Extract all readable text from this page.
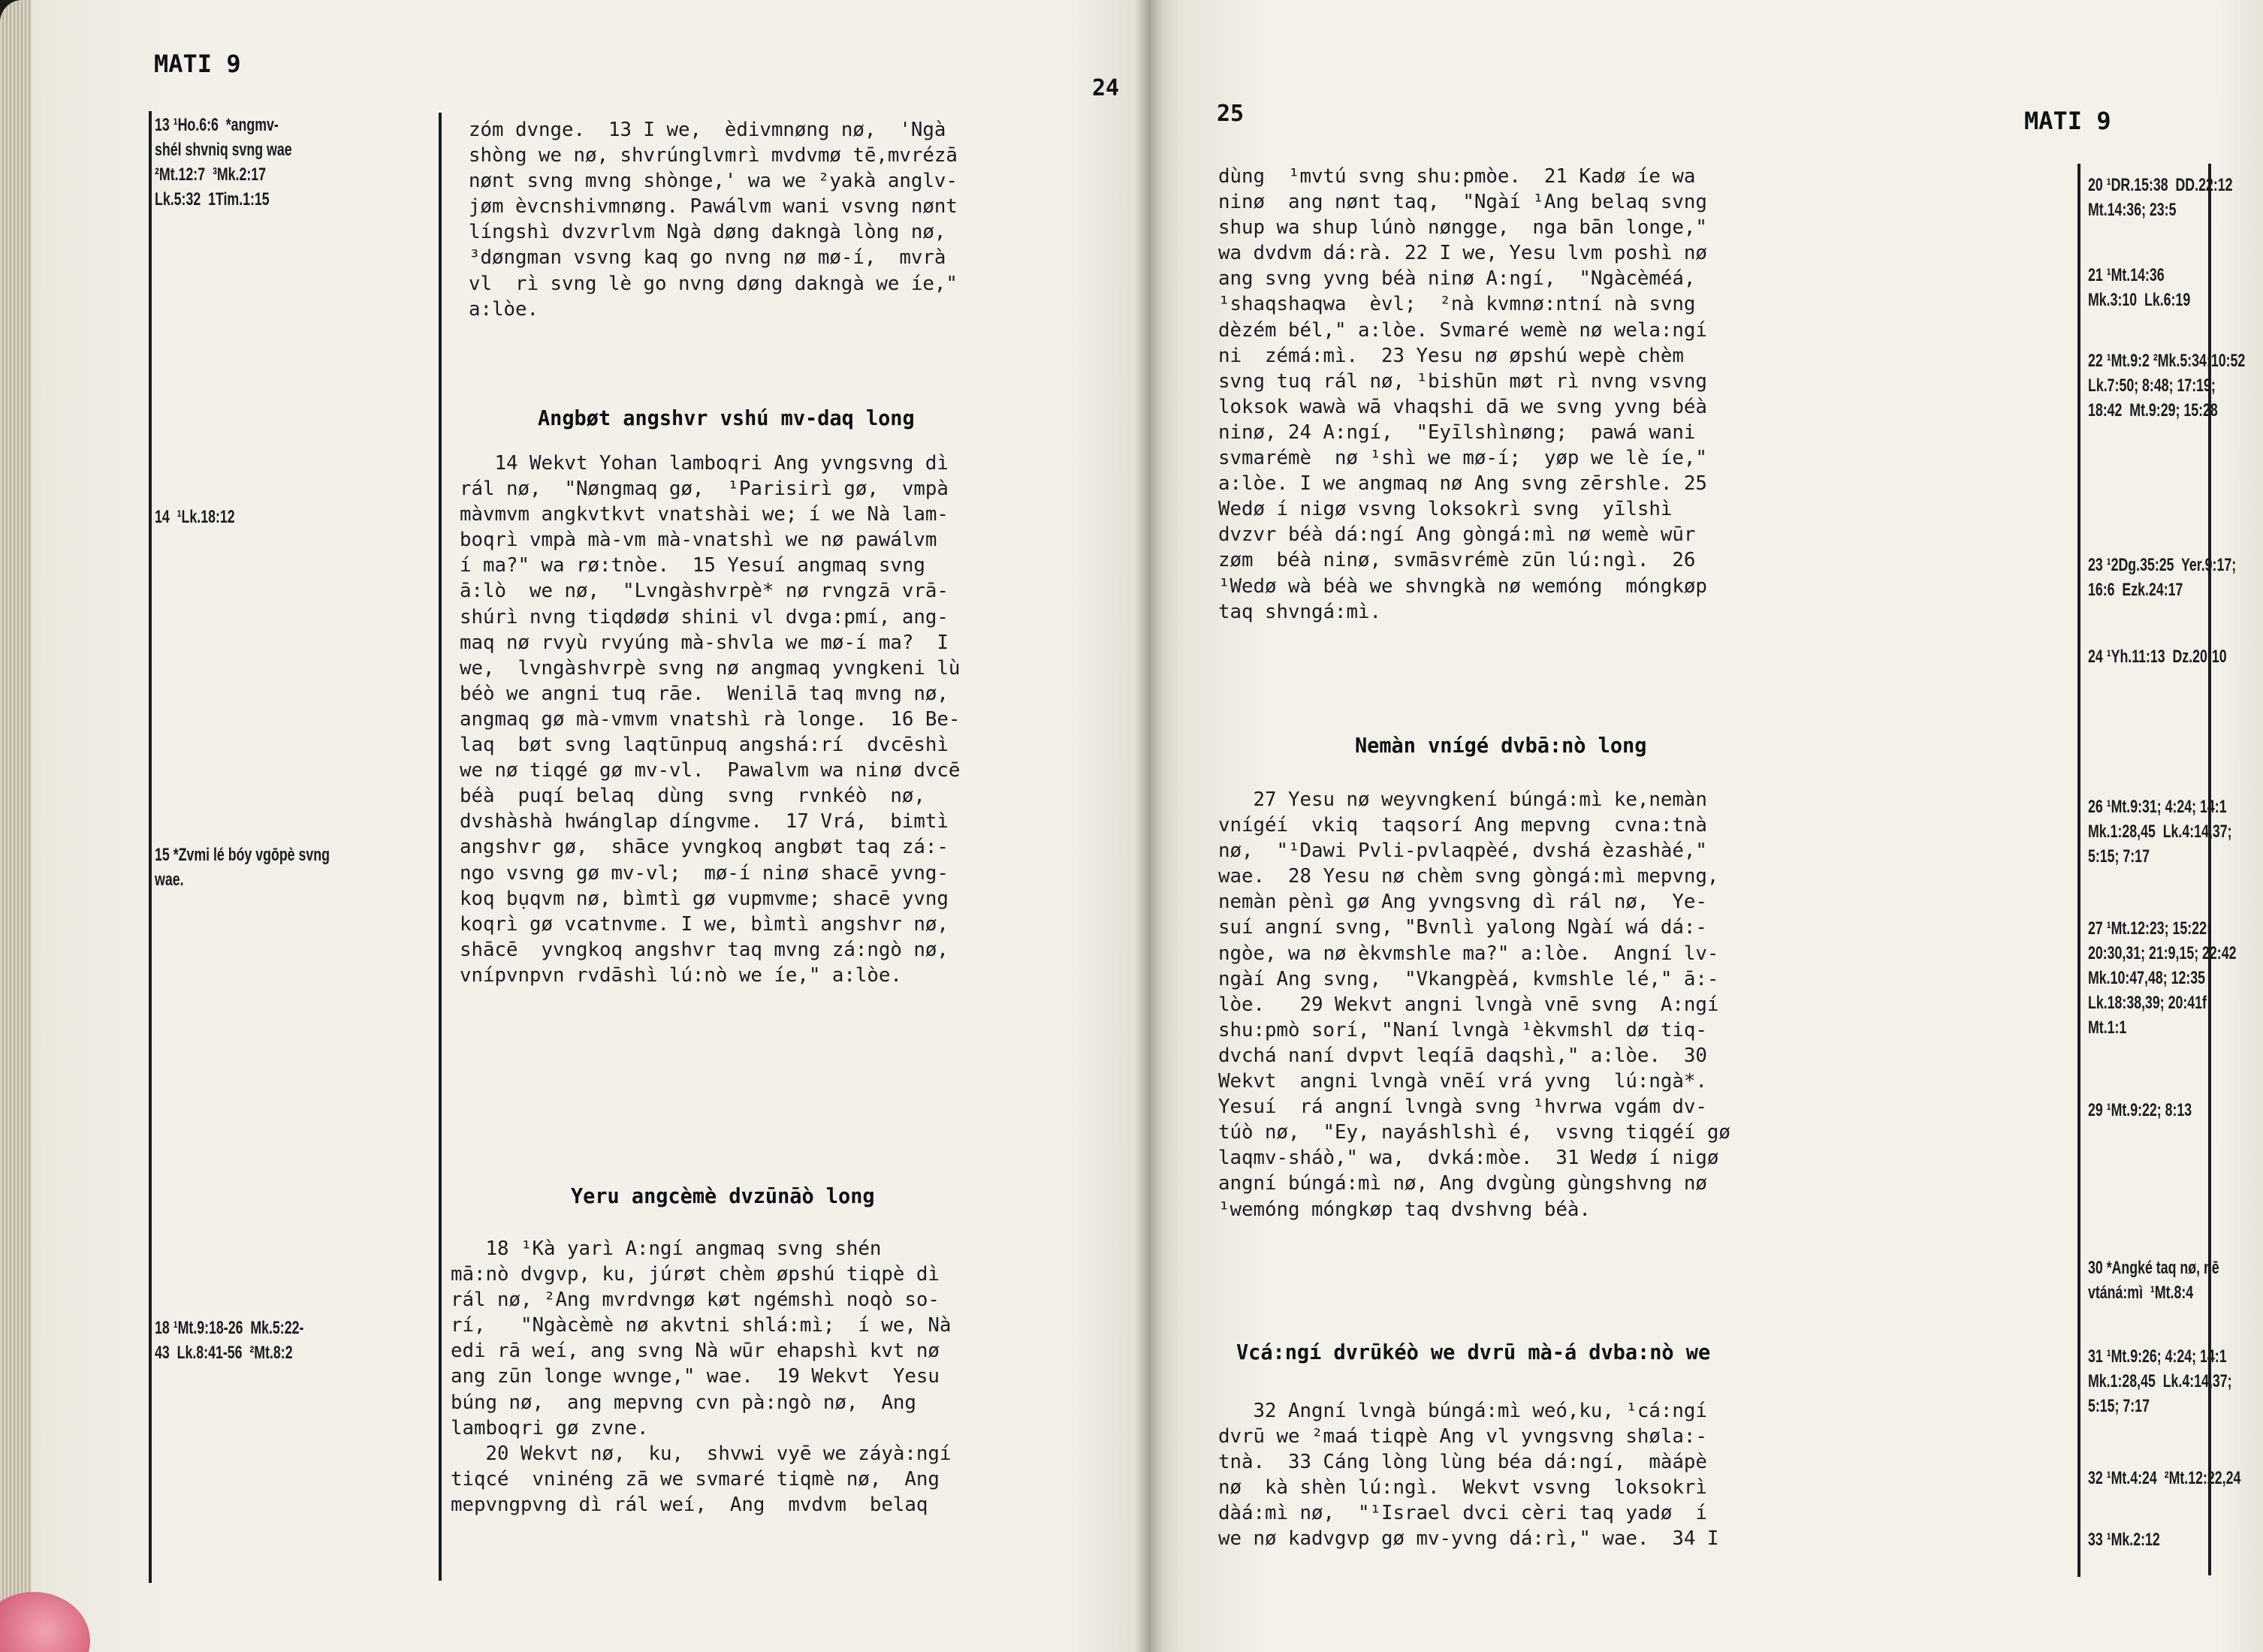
MATI 9
24
13 ¹Ho.6:6  *angmv-
shél shvniq svng wae
²Mt.12:7  ³Mk.2:17
Lk.5:32  1Tim.1:15
14  ¹Lk.18:12
15 *Zvmi lé bóy vgōpè svng
wae.
18 ¹Mt.9:18-26  Mk.5:22-
43  Lk.8:41-56  ²Mt.8:2
zóm dvnge.  13 I we,  èdivmnøng nø,  'Ngà
shòng we nø, shvrúnglvmrì mvdvmø tē,mvrézā
nønt svng mvng shònge,' wa we ²yakà anglv-
jøm èvcnshivmnøng. Pawálvm wani vsvng nønt
língshì dvzvrlvm Ngà døng dakngà lòng nø,
³døngman vsvng kaq go nvng nø mø-í,  mvrà
vl  rì svng lè go nvng døng dakngà we íe,"
a:lòe.
Angbøt angshvr vshú mv-daq long
14 Wekvt Yohan lamboqri Ang yvngsvng dì
rál nø,  "Nøngmaq gø,  ¹Parisirì gø,  vmpà
màvmvm angkvtkvt vnatshài we; í we Nà lam-
boqrì vmpà mà-vm mà-vnatshì we nø pawálvm
í ma?" wa rø:tnòe.  15 Yesuí angmaq svng
ā:lò  we nø,  "Lvngàshvrpè* nø rvngzā vrā-
shúrì nvng tiqdødø shini vl dvga:pmí, ang-
maq nø rvyù rvyúng mà-shvla we mø-í ma?  I
we,  lvngàshvrpè svng nø angmaq yvngkeni lù
béò we angni tuq rāe.  Wenilā taq mvng nø,
angmaq gø mà-vmvm vnatshì rà longe.  16 Be-
laq  bøt svng laqtūnpuq angshá:rí  dvcēshì
we nø tiqgé gø mv-vl.  Pawalvm wa ninø dvcē
béà  puqí belaq  dùng  svng  rvnkéò  nø,
dvshàshà hwánglap díngvme.  17 Vrá,  bimtì
angshvr gø,  shāce yvngkoq angbøt taq zá:-
ngo vsvng gø mv-vl;  mø-í ninø shacē yvng-
koq bụqvm nø, bìmtì gø vupmvme; shacē yvng
koqrì gø vcatnvme. I we, bìmtì angshvr nø,
shācē  yvngkoq angshvr taq mvng zá:ngò nø,
vnípvnpvn rvdāshì lú:nò we íe," a:lòe.
Yeru angcèmè dvzūnāò long
18 ¹Kà yarì A:ngí angmaq svng shén
mā:nò dvgvp, ku, júrøt chèm øpshú tiqpè dì
rál nø, ²Ang mvrdvngø køt ngémshì noqò so-
rí,   "Ngàcèmè nø akvtni shlá:mì;  í we, Nà
edi rā weí, ang svng Nà wūr ehapshì kvt nø
ang zūn longe wvnge," wae.  19 Wekvt  Yesu
búng nø,  ang mepvng cvn pà:ngò nø,  Ang
lamboqri gø zvne.
20 Wekvt nø,  ku,  shvwi vyē we záyà:ngí
tiqcé  vninéng zā we svmaré tiqmè nø,  Ang
mepvngpvng dì rál weí,  Ang  mvdvm  belaq
25	MATI 9
dùng  ¹mvtú svng shu:pmòe.  21 Kadø íe wa
ninø  ang nønt taq,  "Ngàí ¹Ang belaq svng
shup wa shup lúnò nøngge,  nga bān longe,"
wa dvdvm dá:rà. 22 I we, Yesu lvm poshì nø
ang svng yvng béà ninø A:ngí,  "Ngàcèméá,
¹shaqshaqwa  èvl;  ²nà kvmnø:ntní nà svng
dèzém bél," a:lòe. Svmaré wemè nø wela:ngí
ni  zémá:mì.  23 Yesu nø øpshú wepè chèm
svng tuq rál nø, ¹bishūn møt rì nvng vsvng
loksok wawà wā vhaqshi dā we svng yvng béà
ninø, 24 A:ngí,  "Eyīlshìnøng;  pawá wani
svmarémè  nø ¹shì we mø-í;  yøp we lè íe,"
a:lòe. I we angmaq nø Ang svng zērshle. 25
Wedø í nigø vsvng loksokrì svng  yīlshì
dvzvr béà dá:ngí Ang gòngá:mì nø wemè wūr
zøm  béà ninø, svmāsvrémè zūn lú:ngì.  26
¹Wedø wà béà we shvngkà nø wemóng  móngkøp
taq shvngá:mì.
Nemàn vnígé dvbā:nò long
27 Yesu nø weyvngkení búngá:mì ke,nemàn
vnígéí  vkiq  taqsorí Ang mepvng  cvna:tnà
nø,  "¹Dawi Pvli-pvlaqpèé, dvshá èzashàé,"
wae.  28 Yesu nø chèm svng gòngá:mì mepvng,
nemàn pènì gø Ang yvngsvng dì rál nø,  Ye-
suí angní svng, "Bvnlì yalong Ngàí wá dá:-
ngòe, wa nø èkvmshle ma?" a:lòe.  Angní lv-
ngàí Ang svng,  "Vkangpèá, kvmshle lé," ā:-
lòe.   29 Wekvt angni lvngà vnē svng  A:ngí
shu:pmò sorí, "Naní lvngà ¹èkvmshl dø tiq-
dvchá naní dvpvt leqíā daqshì," a:lòe.  30
Wekvt  angni lvngà vnēí vrá yvng  lú:ngà*.
Yesuí  rá angní lvngà svng ¹hvrwa vgám dv-
túò nø,  "Ey, nayáshlshì é,  vsvng tiqgéí gø
laqmv-sháò," wa,  dvká:mòe.  31 Wedø í nigø
angní búngá:mì nø, Ang dvgùng gùngshvng nø
¹wemóng móngkøp taq dvshvng béà.
Vcá:ngí dvrūkéò we dvrū mà-á dvba:nò we
32 Angní lvngà búngá:mì weó,ku, ¹cá:ngí
dvrū we ²maá tiqpè Ang vl yvngsvng shøla:-
tnà.  33 Cáng lòng lùng béa dá:ngí,  màápè
nø  kà shèn lú:ngì.  Wekvt vsvng  loksokrì
dàá:mì nø,  "¹Israel dvci cèri taq yadø  í
we nø kadvgvp gø mv-yvng dá:rì," wae.  34 I
20 ¹DR.15:38  DD.22:12
Mt.14:36; 23:5
21 ¹Mt.14:36
Mk.3:10  Lk.6:19
22 ¹Mt.9:2 ²Mk.5:34;10:52
Lk.7:50; 8:48; 17:19;
18:42  Mt.9:29; 15:28
23 ¹2Dg.35:25  Yer.9:17;
16:6  Ezk.24:17
24 ¹Yh.11:13  Dz.20:10
26 ¹Mt.9:31; 4:24; 14:1
Mk.1:28,45  Lk.4:14,37;
5:15; 7:17
27 ¹Mt.12:23; 15:22;
20:30,31; 21:9,15; 22:42
Mk.10:47,48; 12:35
Lk.18:38,39; 20:41f
Mt.1:1
29 ¹Mt.9:22; 8:13
30 *Angké taq nø, nē
vtáná:mì  ¹Mt.8:4
31 ¹Mt.9:26; 4:24; 14:1
Mk.1:28,45  Lk.4:14,37;
5:15; 7:17
32 ¹Mt.4:24  ²Mt.12:22,24
33 ¹Mk.2:12
